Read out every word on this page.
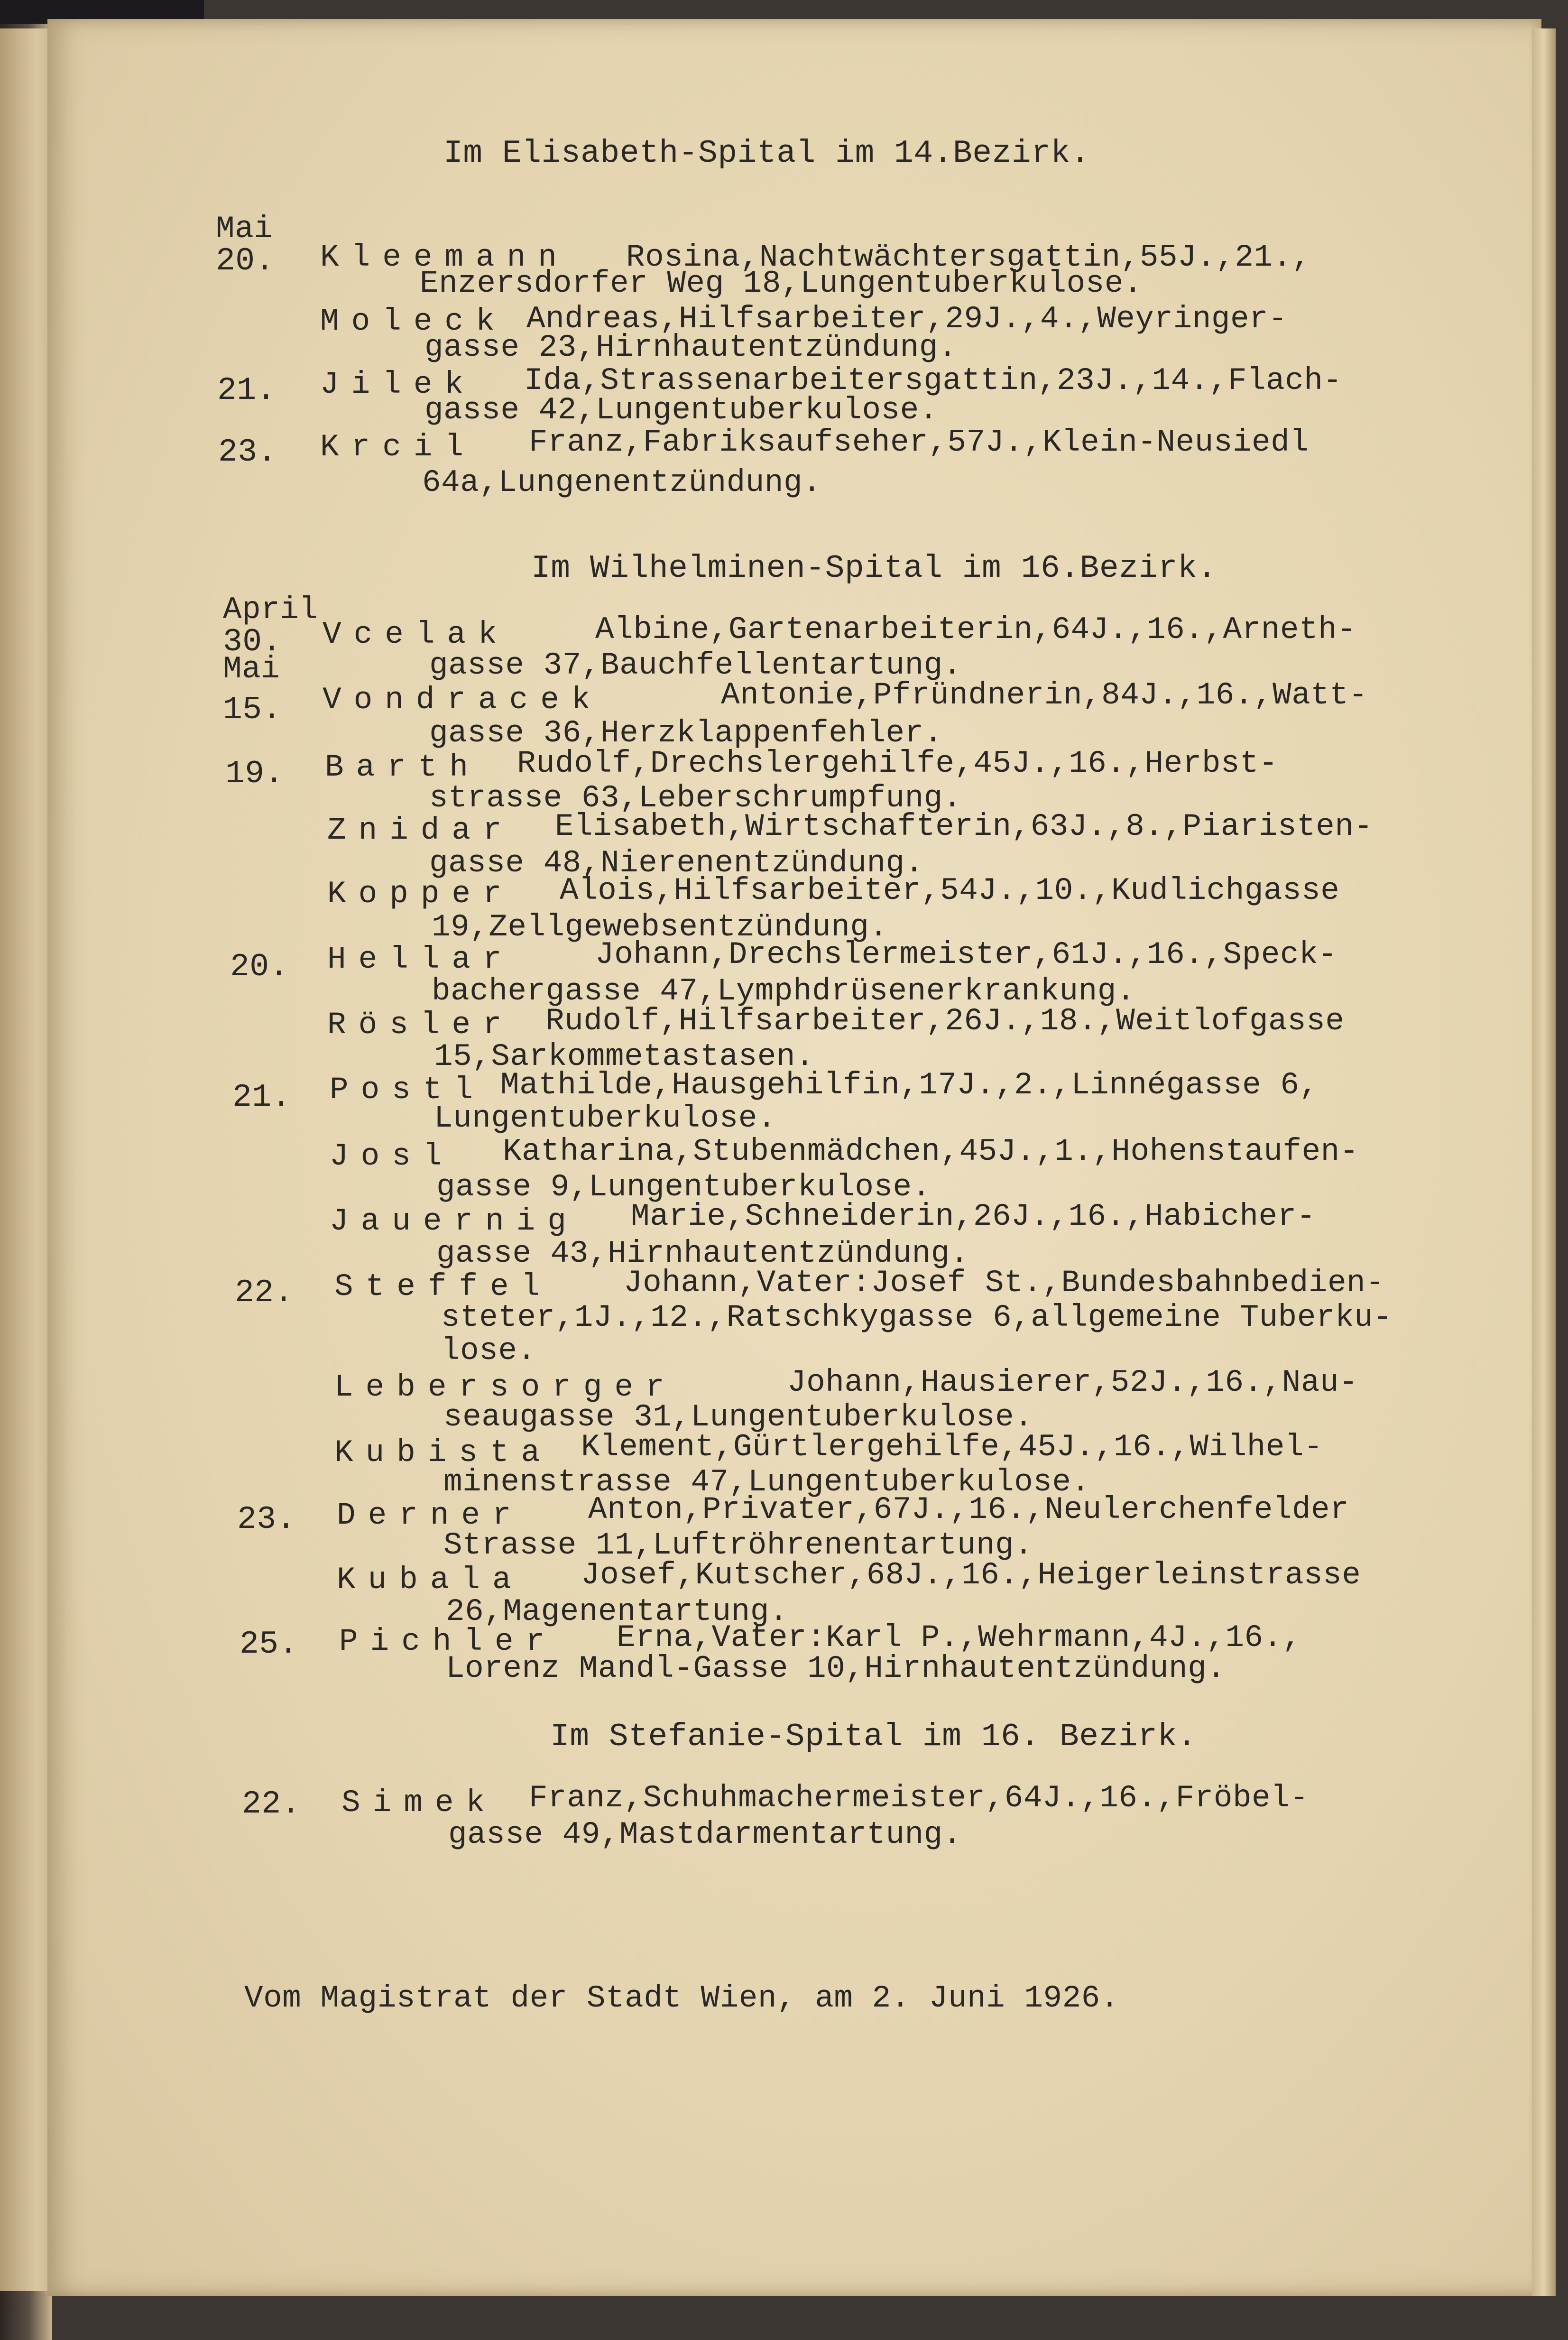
Im Elisabeth-Spital im 14.Bezirk.
Mai
20. Kleemann Rosina,Nachtwächtersgattin,55J.,21.,
Enzersdorfer Weg 18,Lungentuberkulose.
Moleck Andreas,Hilfsarbeiter,29J.,4.,Weyringer-
gasse 23,Hirnhautentzündung.
21. Jilek Ida,Strassenarbeitersgattin,23J.,14.,Flach-
gasse 42,Lungentuberkulose.
23. Krcil Franz,Fabriksaufseher,57J.,Klein-Neusiedl
64a,Lungenentzündung.
Im Wilhelminen-Spital im 16.Bezirk.
April
30. Vcelak	Albine,Gartenarbeiterin,64J.,16.,Arneth-
Mai	gasse 37,Bauchfellentartung.
15. Vondracek	Antonie,Pfründnerin,84J.,16.,Watt-
gasse 36,Herzklappenfehler.
19. Barth Rudolf,Drechslergehilfe,45J.,16.,Herbst-
strasse 63,Leberschrumpfung.
Znidar Elisabeth,Wirtschafterin,63J.,8.,Piaristen-
gasse 48,Nierenentzündung.
Kopper Alois,Hilfsarbeiter,54J.,10.,Kudlichgasse
19,Zellgewebsentzündung.
20. Hellar	Johann,Drechslermeister,61J.,16.,Speck-
bachergasse 47,Lymphdrüsenerkrankung.
Rösler Rudolf,Hilfsarbeiter,26J.,18.,Weitlofgasse
15,Sarkommetastasen.
21. Postl Mathilde,Hausgehilfin,17J.,2.,Linnégasse 6,
Lungentuberkulose.
Josl Katharina,Stubenmädchen,45J.,1.,Hohenstaufen-
gasse 9,Lungentuberkulose.
Jauernig Marie,Schneiderin,26J.,16.,Habicher-
gasse 43,Hirnhautentzündung.
22. Steffel Johann,Vater:Josef St.,Bundesbahnbedien-
steter,1J.,12.,Ratschkygasse 6,allgemeine Tuberku-
lose.
Lebersorger	Johann,Hausierer,52J.,16.,Nau-
seaugasse 31,Lungentuberkulose.
Kubista Klement,Gürtlergehilfe,45J.,16.,Wilhel-
minenstrasse 47,Lungentuberkulose.
23. Derner Anton,Privater,67J.,16.,Neulerchenfelder
Strasse 11,Luftröhrenentartung.
Kubala Josef,Kutscher,68J.,16.,Heigerleinstrasse
26,Magenentartung.
25. Pichler Erna,Vater:Karl P.,Wehrmann,4J.,16.,
Lorenz Mandl-Gasse 10,Hirnhautentzündung.
Im Stefanie-Spital im 16. Bezirk.
22. Simek Franz,Schuhmachermeister,64J.,16.,Fröbel-
gasse 49,Mastdarmentartung.
Vom Magistrat der Stadt Wien, am 2. Juni 1926.
